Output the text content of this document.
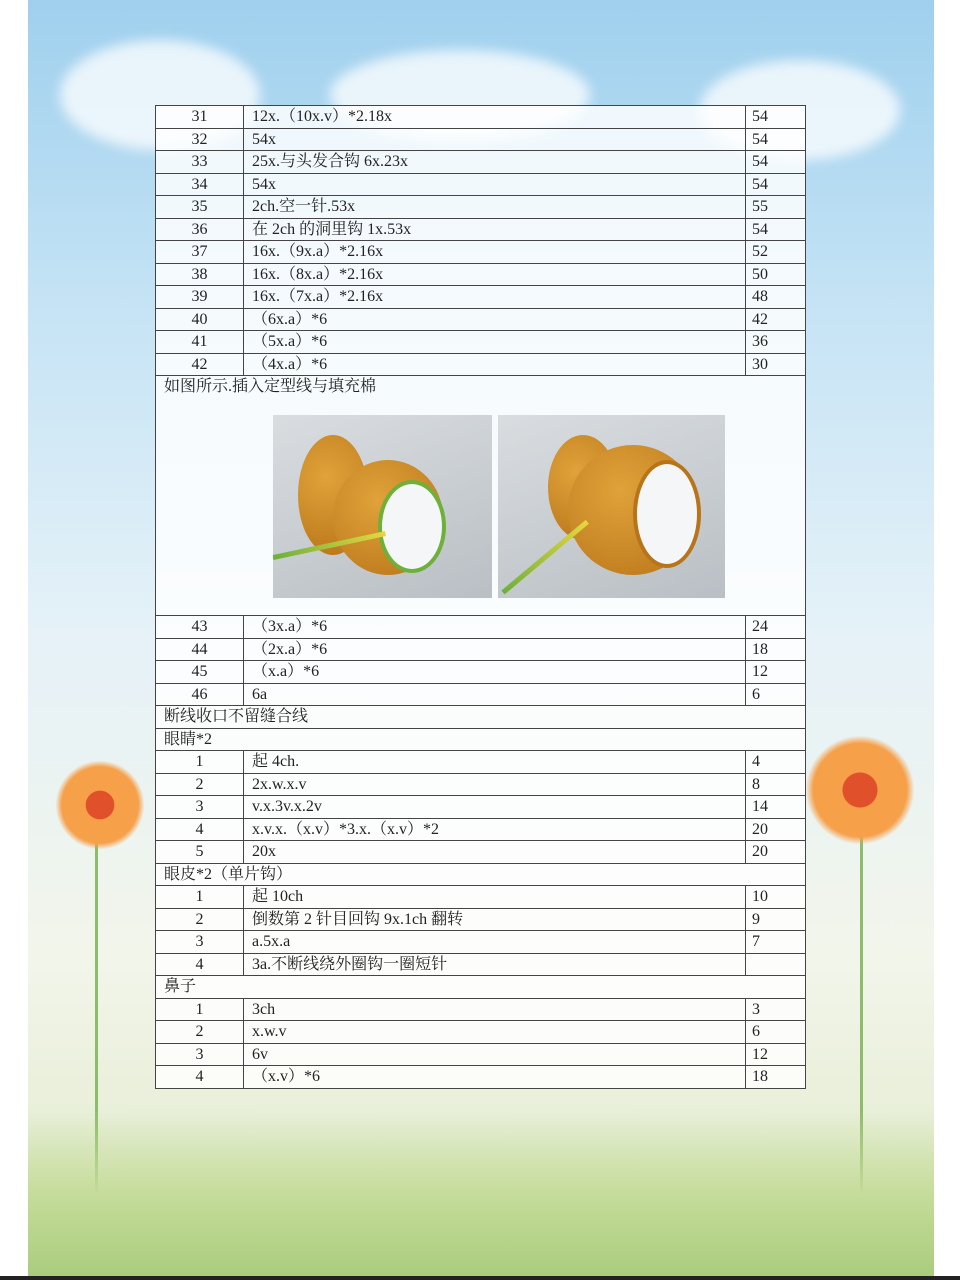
31	12x.（10x.v）*2.18x	54
32	54x	54
33	25x.与头发合钩 6x.23x	54
34	54x	54
35	2ch.空一针.53x	55
36	在 2ch 的洞里钩 1x.53x	54
37	16x.（9x.a）*2.16x	52
38	16x.（8x.a）*2.16x	50
39	16x.（7x.a）*2.16x	48
40	（6x.a）*6	42
41	（5x.a）*6	36
42	（4x.a）*6	30

如图所示.插入定型线与填充棉		

43	（3x.a）*6	24
44	（2x.a）*6	18
45	（x.a）*6	12
46	6a	6

断线收口不留缝合线		

眼睛*2		

1	起 4ch.	4
2	2x.w.x.v	8
3	v.x.3v.x.2v	14
4	x.v.x.（x.v）*3.x.（x.v）*2	20
5	20x	20

眼皮*2（单片钩）		

1	起 10ch	10
2	倒数第 2 针目回钩 9x.1ch 翻转	9
3	a.5x.a	7
4	3a.不断线绕外圈钩一圈短针	

鼻子		

1	3ch	3
2	x.w.v	6
3	6v	12
4	（x.v）*6	18
